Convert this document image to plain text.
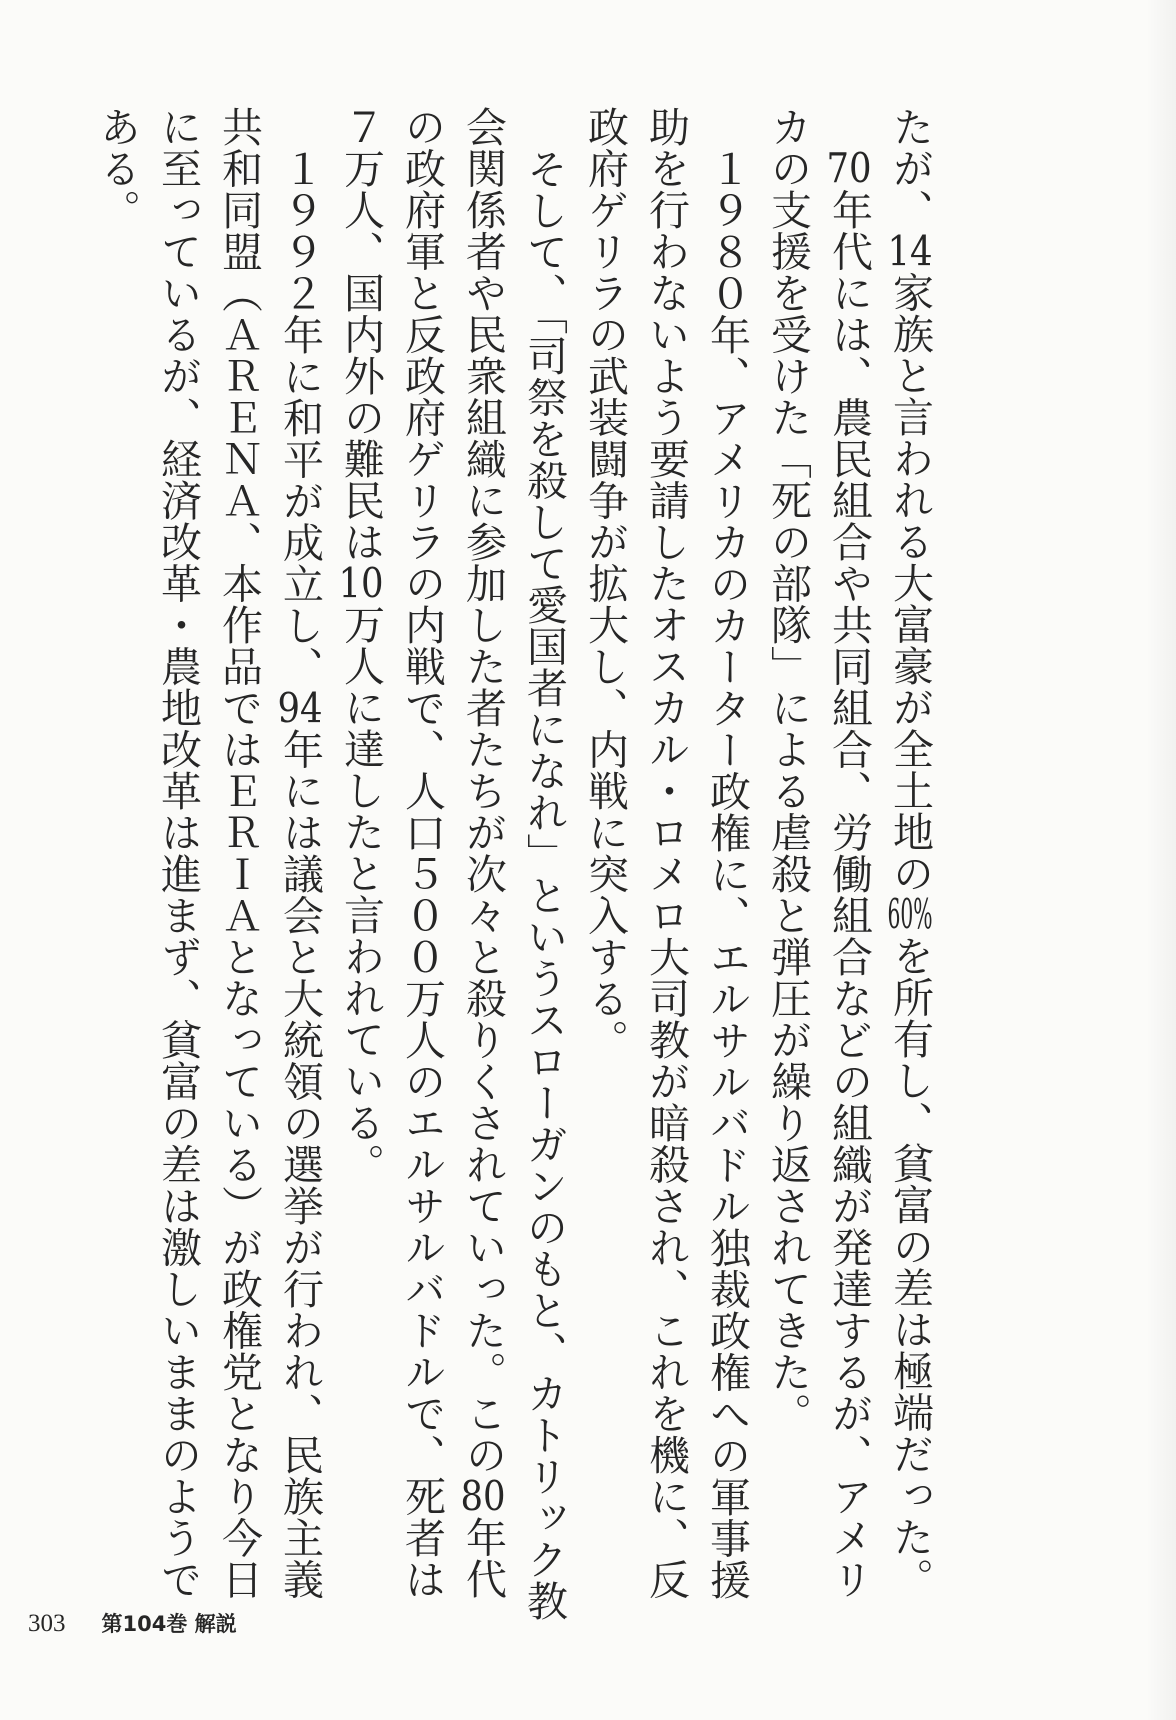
たが、14家族と言われる大富豪が全土地の60%を所有し、貧富の差は極端だった。
70年代には、農民組合や共同組合、労働組合などの組織が発達するが、アメリ
カの支援を受けた「死の部隊」による虐殺と弾圧が繰り返されてきた。
１９８０年、アメリカのカーター政権に、エルサルバドル独裁政権への軍事援
助を行わないよう要請したオスカル・ロメロ大司教が暗殺され、これを機に、反
政府ゲリラの武装闘争が拡大し、内戦に突入する。
そして、「司祭を殺して愛国者になれ」というスローガンのもと、カトリック教
会関係者や民衆組織に参加した者たちが次々と殺りくされていった。この80年代
の政府軍と反政府ゲリラの内戦で、人口５００万人のエルサルバドルで、死者は
７万人、国内外の難民は10万人に達したと言われている。
１９９２年に和平が成立し、94年には議会と大統領の選挙が行われ、民族主義
共和同盟（ＡＲＥＮＡ、本作品ではＥＲＩＡとなっている）が政権党となり今日
に至っているが、経済改革・農地改革は進まず、貧富の差は激しいままのようで
ある。
303 第104巻 解説
